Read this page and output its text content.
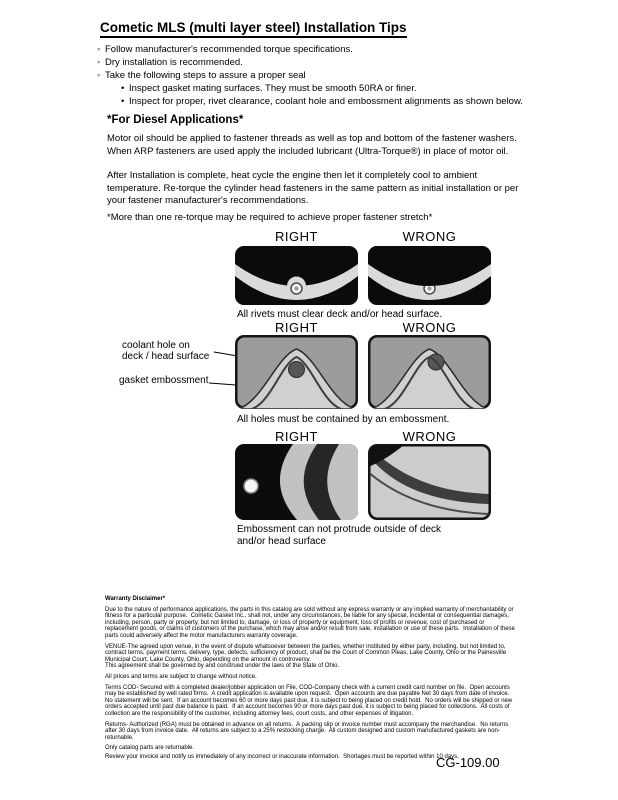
Cometic MLS (multi layer steel) Installation Tips
◦ Follow manufacturer's recommended torque specifications.
◦ Dry installation is recommended.
◦ Take the following steps to assure a proper seal
• Inspect gasket mating surfaces. They must be smooth 50RA or finer.
• Inspect for proper, rivet clearance, coolant hole and embossment alignments as shown below.
*For Diesel Applications*
Motor oil should be applied to fastener threads as well as top and bottom of the fastener washers. When ARP fasteners are used apply the included lubricant (Ultra-Torque®) in place of motor oil.
After Installation is complete, heat cycle the engine then let it completely cool to ambient temperature. Re-torque the cylinder head fasteners in the same pattern as initial installation or per your fastener manufacturer's recommendations.
*More than one re-torque may be required to achieve proper fastener stretch*
RIGHT	WRONG
All rivets must clear deck and/or head surface.
RIGHT	WRONG
coolant hole on
deck / head surface
gasket embossment
All holes must be contained by an embossment.
RIGHT	WRONG
Embossment can not protrude outside of deck
and/or head surface
Warranty Disclaimer*
Due to the nature of performance applications, the parts in this catalog are sold without any express warranty or any implied warranty of merchantability or fitness for a particular purpose.  Cometic Gasket Inc., shall not, under any circumstances, be liable for any special, incidental or consequential damages, including, person, party or property, but not limited to, damage, or loss of property or equipment, loss of profits or revenue, cost of purchased or replacement goods, or claims of customers of the purchase, which may arise and/or result from sale, installation or use of these parts.  Installation of these parts could adversely affect the motor manufacturers warranty coverage.
VENUE-The agreed upon venue, in the event of dispute whatsoever between the parties, whether instituted by either party, including, but not limited to, contract terms, payment terms, delivery, type, defects, sufficiency of product, shall be the Court of Common Pleas, Lake County, Ohio or the Painesville Municipal Court, Lake County, Ohio, depending on the amount in controversy.
This agreement shall be governed by and construed under the laws of the State of Ohio.
All prices and terms are subject to change without notice.
Terms COD- Secured with a completed dealer/jobber application on File, COD-Company check with a current credit card number on file.  Open accounts may be established by well rated firms.  A credit application is available upon request.  Open accounts are due payable Net 30 days from date of invoice.  No statement will be sent.  If an account becomes 60 or more days past due, it is subject to being placed on credit hold.  No orders will be shipped or new orders accepted until past due balance is paid.  If an account becomes 90 or more days past due, it is subject to being placed for collections.  All costs of collection are the responsibility of the customer, including attorney fees, court costs, and other expenses of litigation.
Returns- Authorized (RGA) must be obtained in advance on all returns.  A packing slip or invoice number must accompany the merchandise.  No returns after 30 days from invoice date.  All returns are subject to a 25% restocking charge.  All custom designed and custom manufactured gaskets are non-returnable.
Only catalog parts are returnable.
Review your invoice and notify us immediately of any incorrect or inaccurate information.  Shortages must be reported within 10 days.
CG-109.00
